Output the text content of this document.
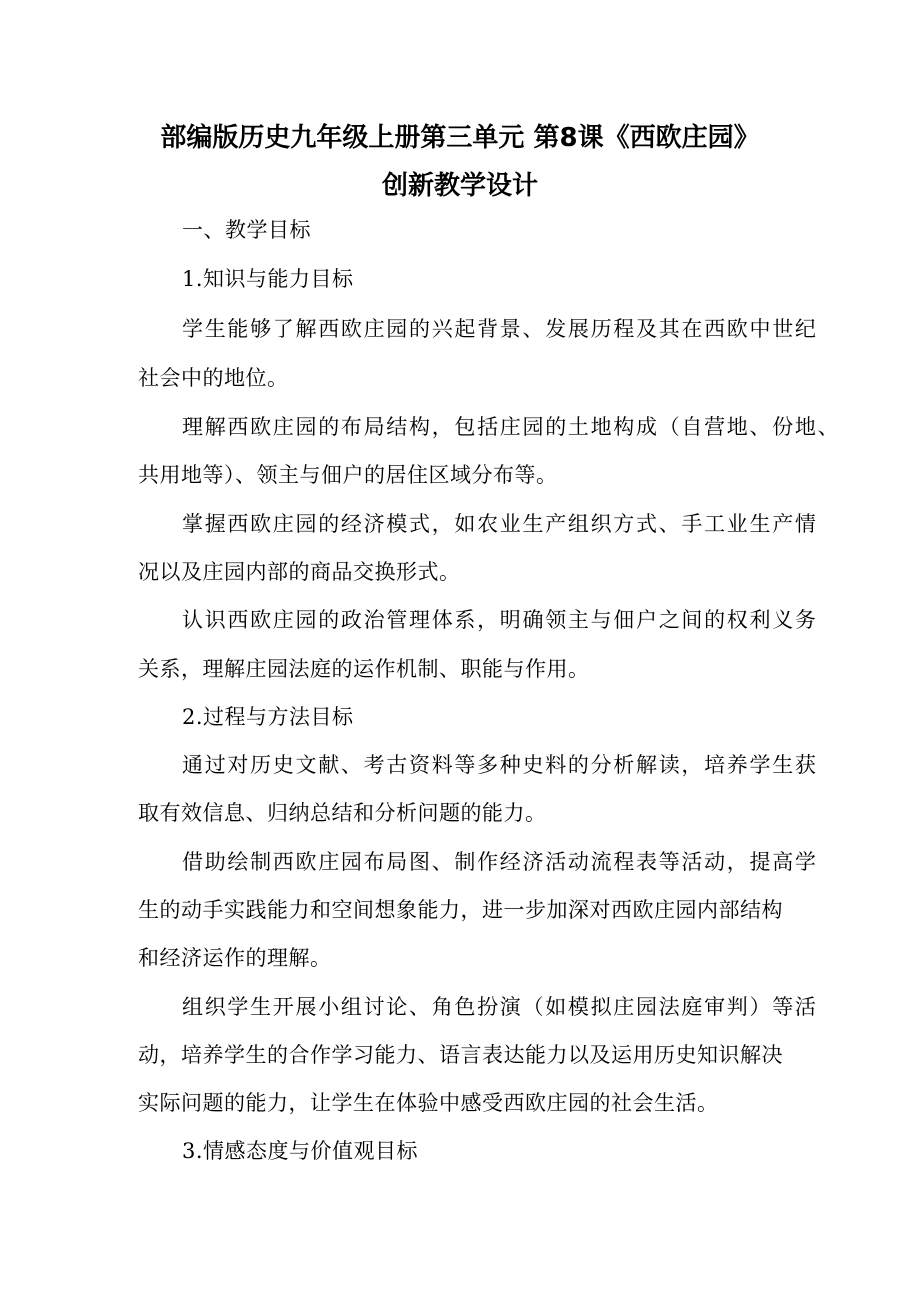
部编版历史九年级上册第三单元 第8课《西欧庄园》
创新教学设计
一、教学目标
1.知识与能力目标
学生能够了解西欧庄园的兴起背景、发展历程及其在西欧中世纪
社会中的地位。
理解西欧庄园的布局结构，包括庄园的土地构成（自营地、份地、
共用地等）、领主与佃户的居住区域分布等。
掌握西欧庄园的经济模式，如农业生产组织方式、手工业生产情
况以及庄园内部的商品交换形式。
认识西欧庄园的政治管理体系，明确领主与佃户之间的权利义务
关系，理解庄园法庭的运作机制、职能与作用。
2.过程与方法目标
通过对历史文献、考古资料等多种史料的分析解读，培养学生获
取有效信息、归纳总结和分析问题的能力。
借助绘制西欧庄园布局图、制作经济活动流程表等活动，提高学
生的动手实践能力和空间想象能力，进一步加深对西欧庄园内部结构
和经济运作的理解。
组织学生开展小组讨论、角色扮演（如模拟庄园法庭审判）等活
动，培养学生的合作学习能力、语言表达能力以及运用历史知识解决
实际问题的能力，让学生在体验中感受西欧庄园的社会生活。
3.情感态度与价值观目标
